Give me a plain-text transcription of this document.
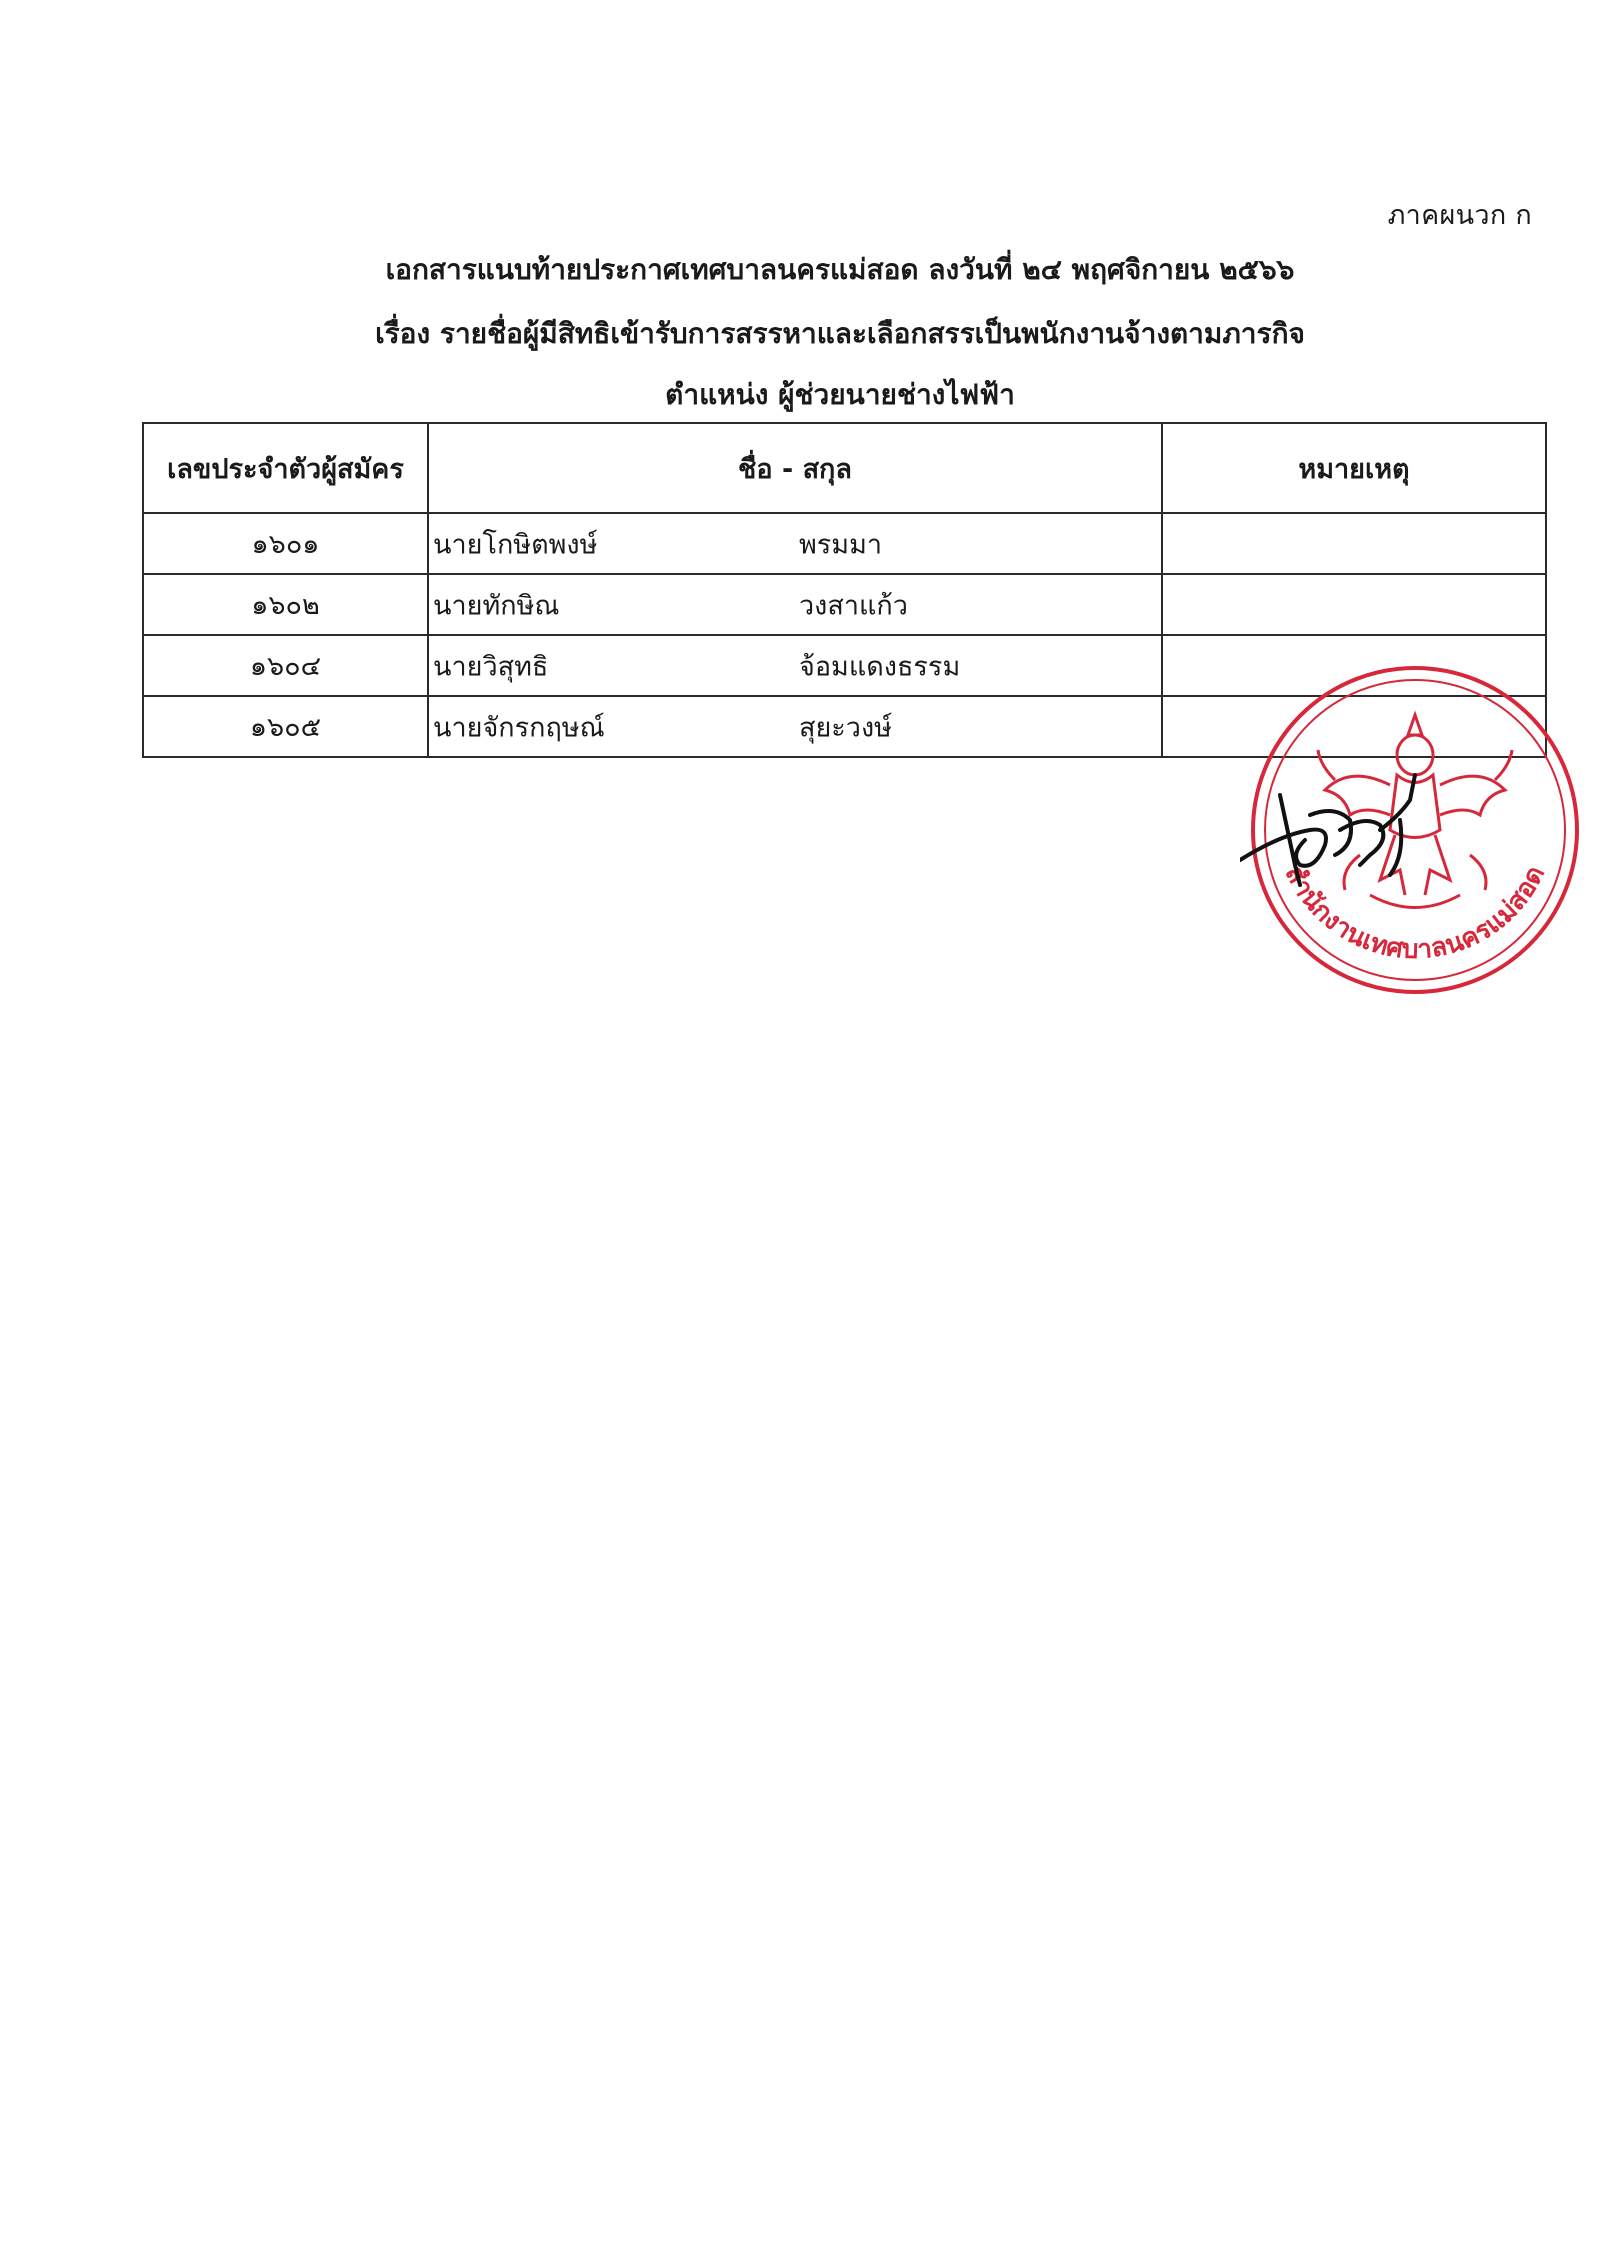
ภาคผนวก ก
เอกสารแนบท้ายประกาศเทศบาลนครแม่สอด ลงวันที่ ๒๔ พฤศจิกายน ๒๕๖๖
เรื่อง รายชื่อผู้มีสิทธิเข้ารับการสรรหาและเลือกสรรเป็นพนักงานจ้างตามภารกิจ
ตำแหน่ง ผู้ช่วยนายช่างไฟฟ้า
เลขประจำตัวผู้สมัคร	ชื่อ - สกุล	หมายเหตุ
๑๖๐๑	นายโกษิตพงษ์ พรมมา	

๑๖๐๒	นายทักษิณ วงสาแก้ว	

๑๖๐๔	นายวิสุทธิ จ้อมแดงธรรม	

๑๖๐๕	นายจักรกฤษณ์ สุยะวงษ์	

สำนักงานเทศบาลนครแม่สอด
